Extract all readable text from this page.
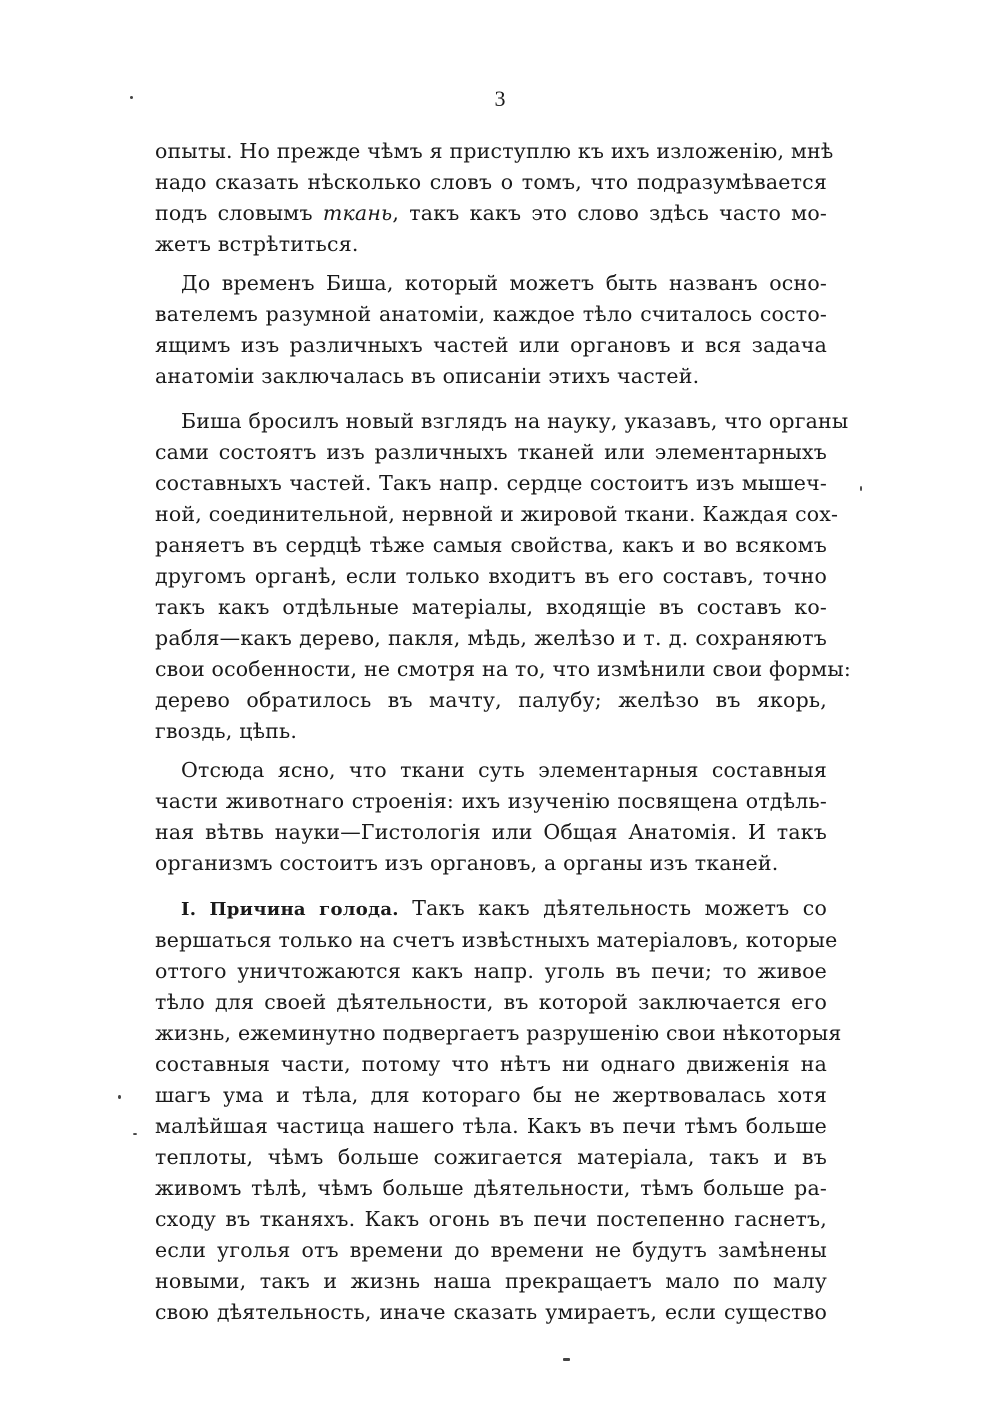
3
опыты. Но прежде чѣмъ я приступлю къ ихъ изложенію, мнѣ
надо сказать нѣсколько словъ о томъ, что подразумѣвается
подъ словымъ ткань, такъ какъ это слово здѣсь часто мо-
жетъ встрѣтиться.
До временъ Биша, который можетъ быть названъ осно-
вателемъ разумной анатоміи, каждое тѣло считалось состо-
ящимъ изъ различныхъ частей или органовъ и вся задача
анатоміи заключалась въ описаніи этихъ частей.
Биша бросилъ новый взглядъ на науку, указавъ, что органы
сами состоятъ изъ различныхъ тканей или элементарныхъ
составныхъ частей. Такъ напр. сердце состоитъ изъ мышеч-
ной, соединительной, нервной и жировой ткани. Каждая сох-
раняетъ въ сердцѣ тѣже самыя свойства, какъ и во всякомъ
другомъ органѣ, если только входитъ въ его составъ, точно
такъ какъ отдѣльные матеріалы, входящіе въ составъ ко-
рабля—какъ дерево, пакля, мѣдь, желѣзо и т. д. сохраняютъ
свои особенности, не смотря на то, что измѣнили свои формы:
дерево обратилось въ мачту, палубу; желѣзо въ якорь,
гвоздь, цѣпь.
Отсюда ясно, что ткани суть элементарныя составныя
части животнаго строенія: ихъ изученію посвящена отдѣль-
ная вѣтвь науки—Гистологія или Общая Анатомія. И такъ
организмъ состоитъ изъ органовъ, а органы изъ тканей.
I. Причина голода. Такъ какъ дѣятельность можетъ со
вершаться только на счетъ извѣстныхъ матеріаловъ, которые
оттого уничтожаются какъ напр. уголь въ печи; то живое
тѣло для своей дѣятельности, въ которой заключается его
жизнь, ежеминутно подвергаетъ разрушенію свои нѣкоторыя
составныя части, потому что нѣтъ ни однаго движенія на
шагъ ума и тѣла, для котораго бы не жертвовалась хотя
малѣйшая частица нашего тѣла. Какъ въ печи тѣмъ больше
теплоты, чѣмъ больше сожигается матеріала, такъ и въ
живомъ тѣлѣ, чѣмъ больше дѣятельности, тѣмъ больше ра-
сходу въ тканяхъ. Какъ огонь въ печи постепенно гаснетъ,
если уголья отъ времени до времени не будутъ замѣнены
новыми, такъ и жизнь наша прекращаетъ мало по малу
свою дѣятельность, иначе сказать умираетъ, если существо
